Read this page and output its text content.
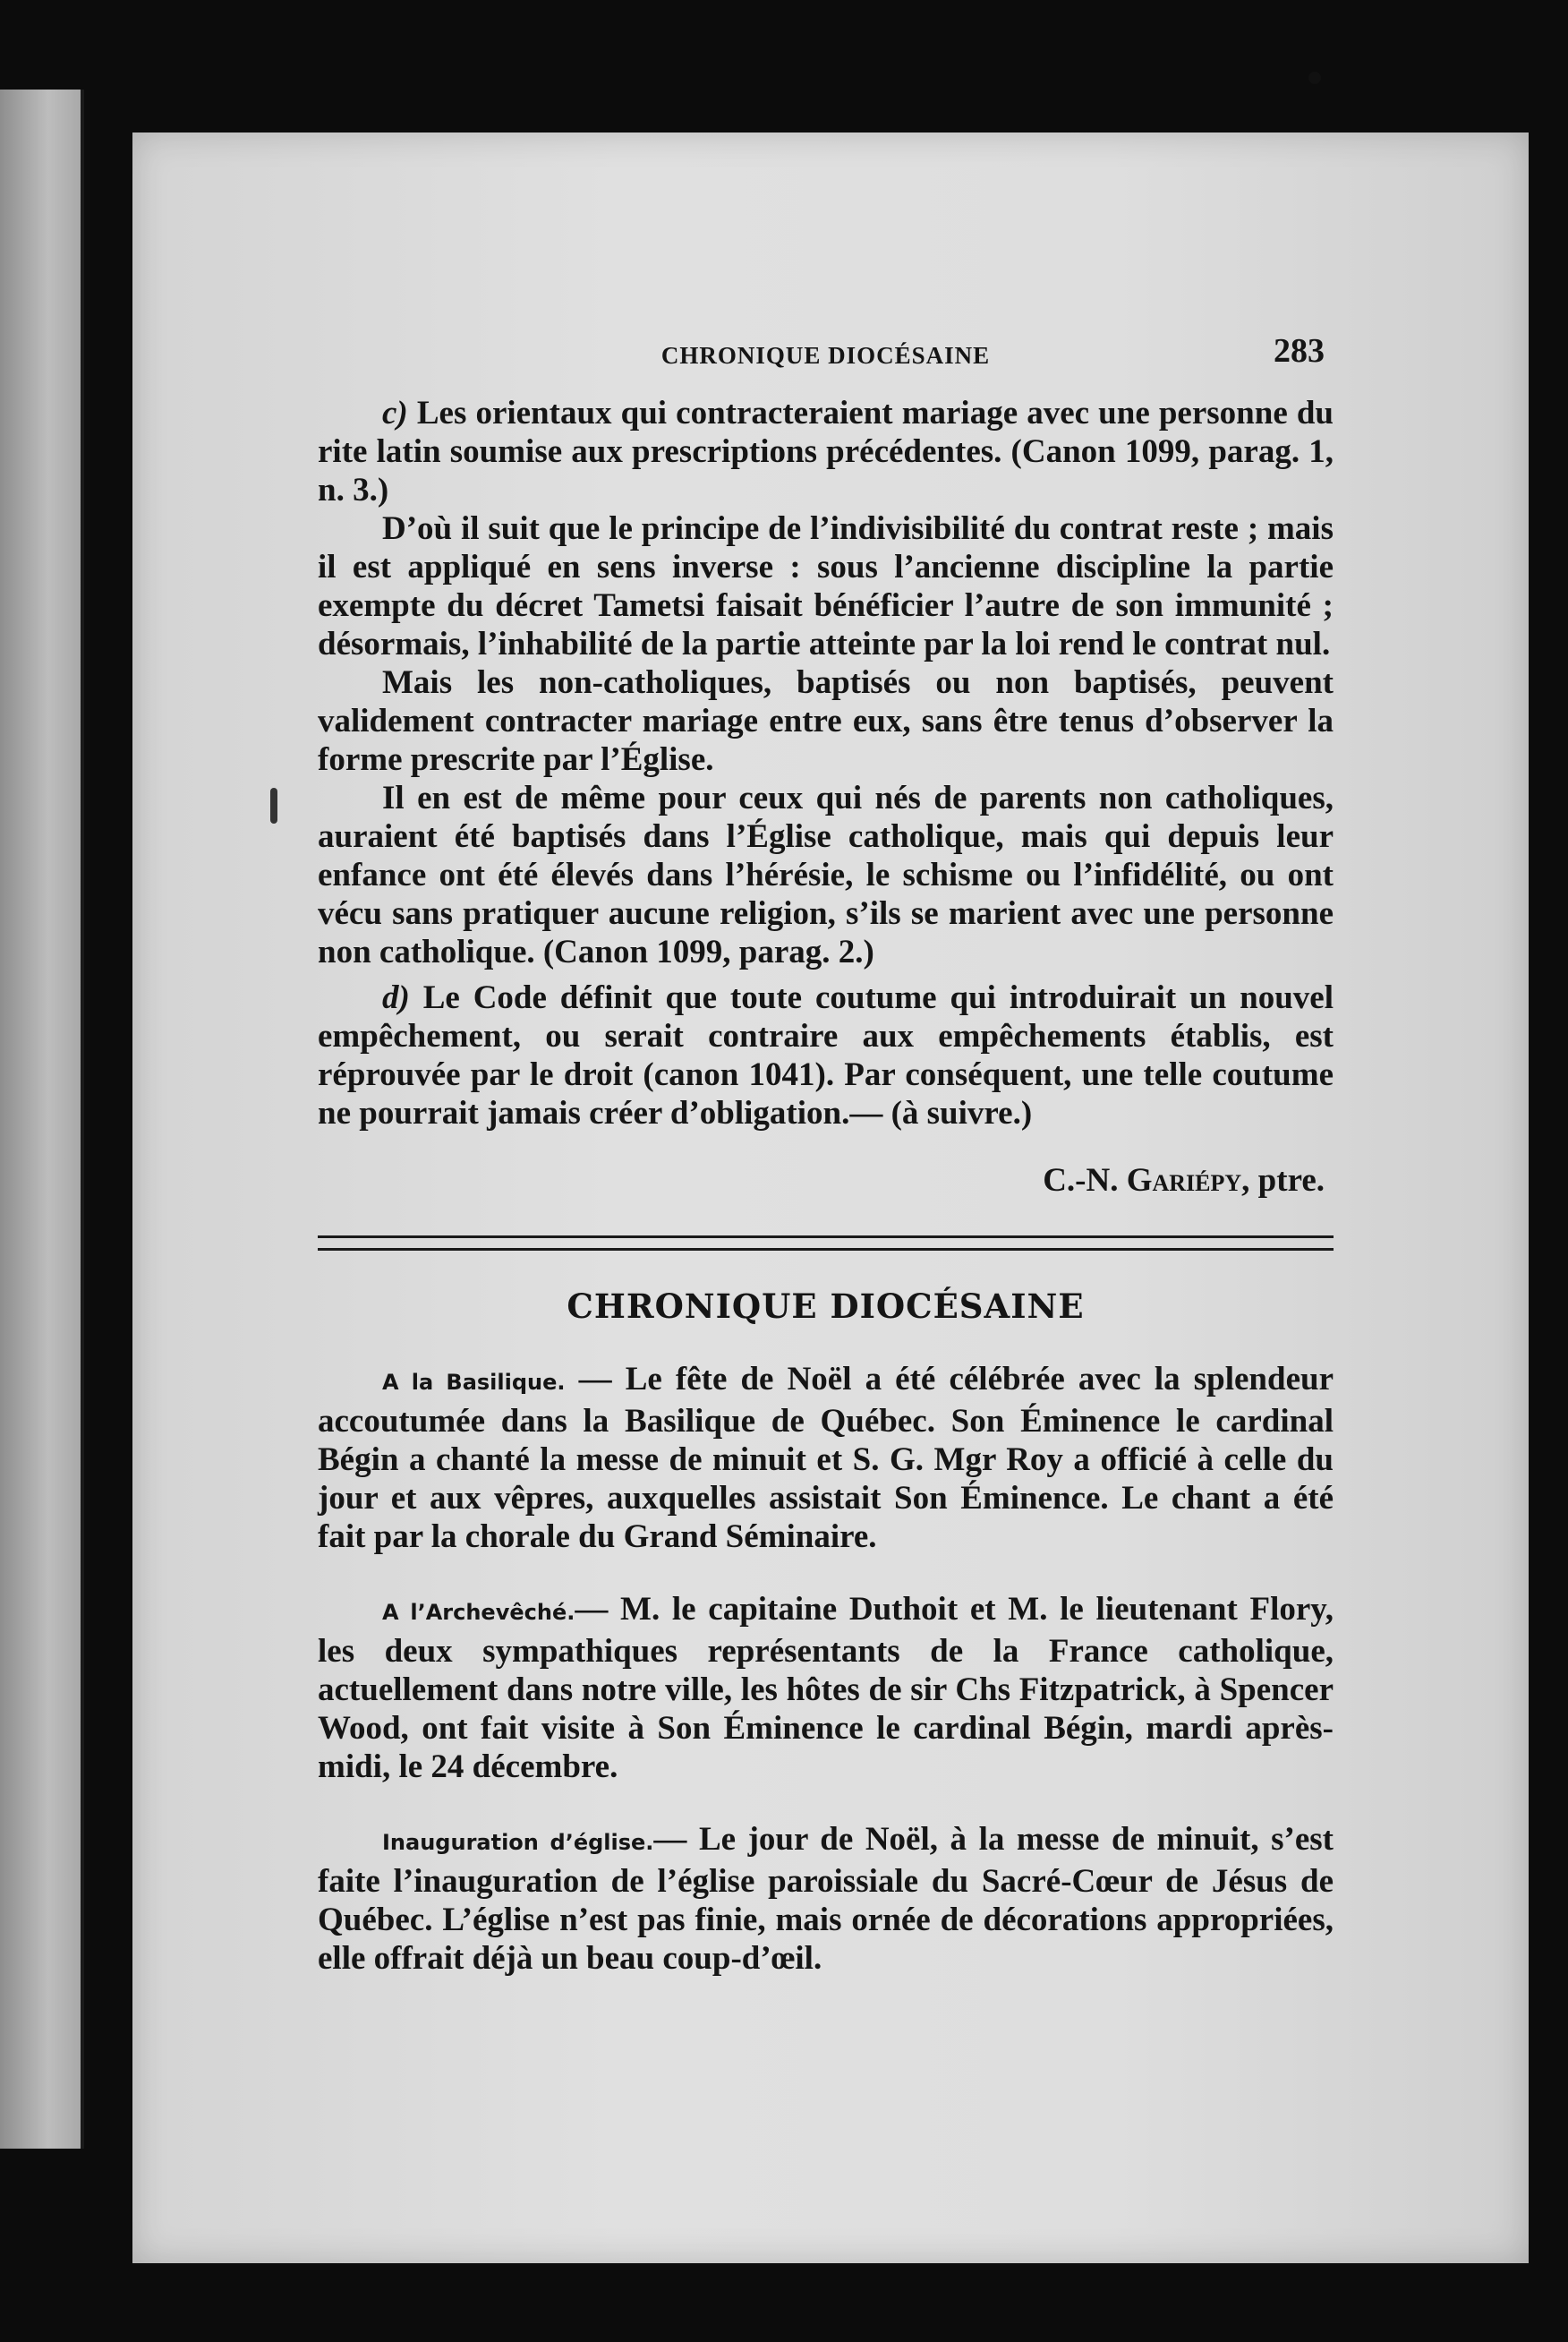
CHRONIQUE DIOCÉSAINE	283

c) Les orientaux qui contracteraient mariage avec une personne du rite latin soumise aux prescriptions précédentes. (Canon 1099, parag. 1, n. 3.)

D’où il suit que le principe de l’indivisibilité du contrat reste ; mais il est appliqué en sens inverse : sous l’ancienne discipline la partie exempte du décret Tametsi faisait bénéficier l’autre de son immunité ; désormais, l’inhabilité de la partie atteinte par la loi rend le contrat nul.

Mais les non-catholiques, baptisés ou non baptisés, peuvent validement contracter mariage entre eux, sans être tenus d’observer la forme prescrite par l’Église.

Il en est de même pour ceux qui nés de parents non catholiques, auraient été baptisés dans l’Église catholique, mais qui depuis leur enfance ont été élevés dans l’hérésie, le schisme ou l’infidélité, ou ont vécu sans pratiquer aucune religion, s’ils se marient avec une personne non catholique. (Canon 1099, parag. 2.)

d) Le Code définit que toute coutume qui introduirait un nouvel empêchement, ou serait contraire aux empêchements établis, est réprouvée par le droit (canon 1041). Par conséquent, une telle coutume ne pourrait jamais créer d’obligation.— (à suivre.)

C.-N. Gariépy, ptre.
CHRONIQUE DIOCÉSAINE

A la Basilique. — Le fête de Noël a été célébrée avec la splendeur accoutumée dans la Basilique de Québec. Son Éminence le cardinal Bégin a chanté la messe de minuit et S. G. Mgr Roy a officié à celle du jour et aux vêpres, auxquelles assistait Son Éminence. Le chant a été fait par la chorale du Grand Séminaire.

A l’Archevêché.— M. le capitaine Duthoit et M. le lieutenant Flory, les deux sympathiques représentants de la France catholique, actuellement dans notre ville, les hôtes de sir Chs Fitzpatrick, à Spencer Wood, ont fait visite à Son Éminence le cardinal Bégin, mardi après-midi, le 24 décembre.

Inauguration d’église.— Le jour de Noël, à la messe de minuit, s’est faite l’inauguration de l’église paroissiale du Sacré-Cœur de Jésus de Québec. L’église n’est pas finie, mais ornée de décorations appropriées, elle offrait déjà un beau coup-d’œil.
